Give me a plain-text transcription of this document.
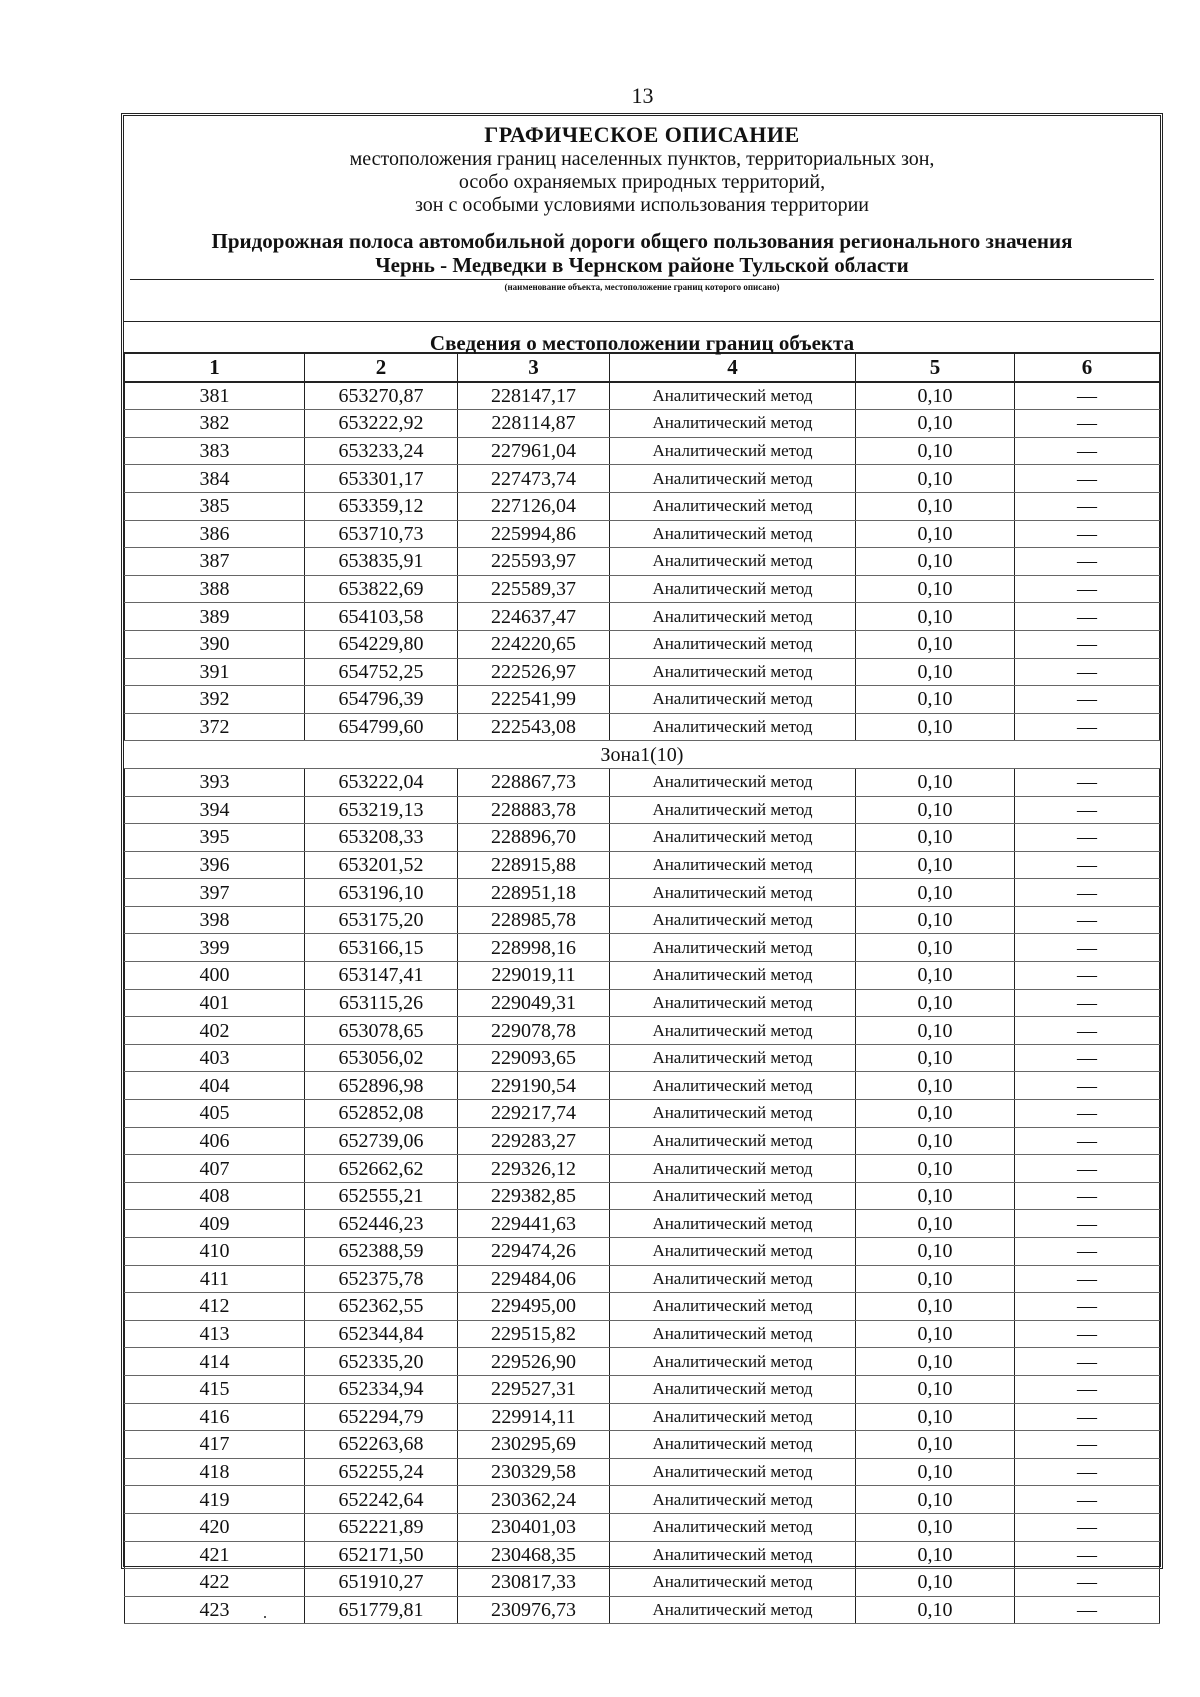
13
ГРАФИЧЕСКОЕ ОПИСАНИЕ
местоположения границ населенных пунктов, территориальных зон,
особо охраняемых природных территорий,
зон с особыми условиями использования территории
Придорожная полоса автомобильной дороги общего пользования регионального значения
Чернь - Медведки в Чернском районе Тульской области
(наименование объекта, местоположение границ которого описано)
Сведения о местоположении границ объекта
1	2	3	4	5	6
381	653270,87	228147,17	Аналитический метод	0,10	—
382	653222,92	228114,87	Аналитический метод	0,10	—
383	653233,24	227961,04	Аналитический метод	0,10	—
384	653301,17	227473,74	Аналитический метод	0,10	—
385	653359,12	227126,04	Аналитический метод	0,10	—
386	653710,73	225994,86	Аналитический метод	0,10	—
387	653835,91	225593,97	Аналитический метод	0,10	—
388	653822,69	225589,37	Аналитический метод	0,10	—
389	654103,58	224637,47	Аналитический метод	0,10	—
390	654229,80	224220,65	Аналитический метод	0,10	—
391	654752,25	222526,97	Аналитический метод	0,10	—
392	654796,39	222541,99	Аналитический метод	0,10	—
372	654799,60	222543,08	Аналитический метод	0,10	—
Зона1(10)					
393	653222,04	228867,73	Аналитический метод	0,10	—
394	653219,13	228883,78	Аналитический метод	0,10	—
395	653208,33	228896,70	Аналитический метод	0,10	—
396	653201,52	228915,88	Аналитический метод	0,10	—
397	653196,10	228951,18	Аналитический метод	0,10	—
398	653175,20	228985,78	Аналитический метод	0,10	—
399	653166,15	228998,16	Аналитический метод	0,10	—
400	653147,41	229019,11	Аналитический метод	0,10	—
401	653115,26	229049,31	Аналитический метод	0,10	—
402	653078,65	229078,78	Аналитический метод	0,10	—
403	653056,02	229093,65	Аналитический метод	0,10	—
404	652896,98	229190,54	Аналитический метод	0,10	—
405	652852,08	229217,74	Аналитический метод	0,10	—
406	652739,06	229283,27	Аналитический метод	0,10	—
407	652662,62	229326,12	Аналитический метод	0,10	—
408	652555,21	229382,85	Аналитический метод	0,10	—
409	652446,23	229441,63	Аналитический метод	0,10	—
410	652388,59	229474,26	Аналитический метод	0,10	—
411	652375,78	229484,06	Аналитический метод	0,10	—
412	652362,55	229495,00	Аналитический метод	0,10	—
413	652344,84	229515,82	Аналитический метод	0,10	—
414	652335,20	229526,90	Аналитический метод	0,10	—
415	652334,94	229527,31	Аналитический метод	0,10	—
416	652294,79	229914,11	Аналитический метод	0,10	—
417	652263,68	230295,69	Аналитический метод	0,10	—
418	652255,24	230329,58	Аналитический метод	0,10	—
419	652242,64	230362,24	Аналитический метод	0,10	—
420	652221,89	230401,03	Аналитический метод	0,10	—
421	652171,50	230468,35	Аналитический метод	0,10	—
422	651910,27	230817,33	Аналитический метод	0,10	—
423	651779,81	230976,73	Аналитический метод	0,10	—
